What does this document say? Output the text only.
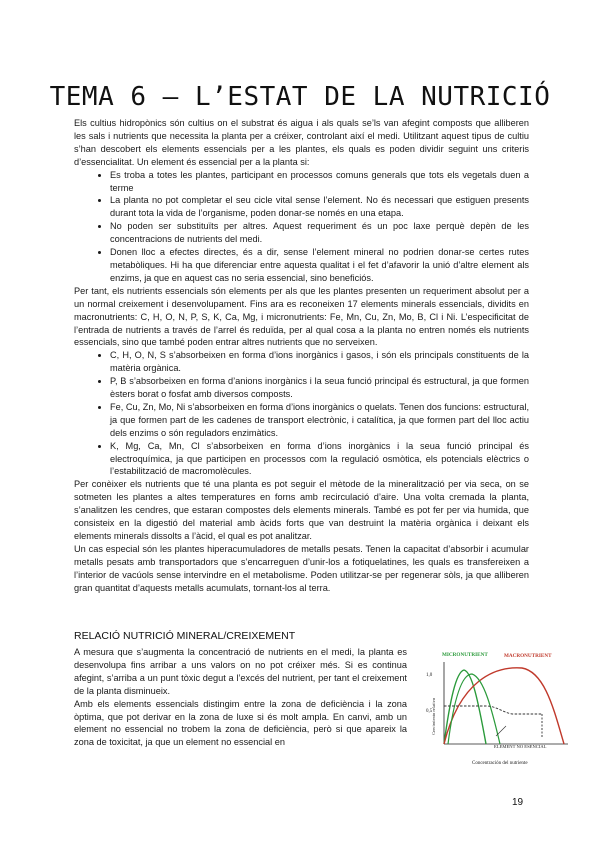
TEMA 6 – L’ESTAT DE LA NUTRICIÓ

Els cultius hidropònics són cultius on el substrat és aigua i als quals se’ls van afegint composts que alliberen les sals i nutrients que necessita la planta per a créixer, controlant així el medi. Utilitzant aquest tipus de cultiu s’han descobert els elements essencials per a les plantes, els quals es poden dividir seguint uns criteris d’essencialitat. Un element és essencial per a la planta si:

• Es troba a totes les plantes, participant en processos comuns generals que tots els vegetals duen a terme
• La planta no pot completar el seu cicle vital sense l’element. No és necessari que estiguen presents durant tota la vida de l’organisme, poden donar-se només en una etapa.
• No poden ser substituïts per altres. Aquest requeriment és un poc laxe perquè depèn de les concentracions de nutrients del medi.
• Donen lloc a efectes directes, és a dir, sense l’element mineral no podrien donar-se certes rutes metabòliques. Hi ha que diferenciar entre aquesta qualitat i el fet d’afavorir la unió d’altre element als enzims, ja que en aquest cas no seria essencial, sino beneficiós.

Per tant, els nutrients essencials són elements per als que les plantes presenten un requeriment absolut per a un normal creixement i desenvolupament. Fins ara es reconeixen 17 elements minerals essencials, dividits en macronutrients: C, H, O, N, P, S, K, Ca, Mg, i micronutrients: Fe, Mn, Cu, Zn, Mo, B, Cl i Ni. L’especificitat de l’entrada de nutrients a través de l’arrel és reduïda, per al qual cosa a la planta no entren només els nutrients essencials, sino que també poden entrar altres nutrients que no serveixen.

• C, H, O, N, S s’absorbeixen en forma d’ions inorgànics i gasos, i són els principals constituents de la matèria orgànica.
• P, B s’absorbeixen en forma d’anions inorgànics i la seua funció principal és estructural, ja que formen èsters borat o fosfat amb diversos composts.
• Fe, Cu, Zn, Mo, Ni s’absorbeixen en forma d’ions inorgànics o quelats. Tenen dos funcions: estructural, ja que formen part de les cadenes de transport electrònic, i catalítica, ja que formen part del lloc actiu dels enzims o són reguladors enzimàtics.
• K, Mg, Ca, Mn, Cl s’absorbeixen en forma d’ions inorgànics i la seua funció principal és electroquímica, ja que participen en processos com la regulació osmòtica, els potencials elèctrics o l’estabilització de macromolècules.

Per conèixer els nutrients que té una planta es pot seguir el mètode de la mineralització per via seca, on se sotmeten les plantes a altes temperatures en forns amb recirculació d’aire. Una volta cremada la planta, s’analitzen les cendres, que estaran compostes dels elements minerals. També es pot fer per via humida, que consisteix en la digestió del material amb àcids forts que van destruint la matèria orgànica i deixant els elements minerals dissolts a l’àcid, el qual es pot analitzar.

Un cas especial són les plantes hiperacumuladores de metalls pesats. Tenen la capacitat d’absorbir i acumular metalls pesats amb transportadors que s’encarreguen d’unir-los a fotiquelatines, les quals es transfereixen a l’interior de vacúols sense intervindre en el metabolisme. Poden utilitzar-se per regenerar sòls, ja que alliberen gran quantitat d’aquests metalls acumulats, tornant-los al terra.

RELACIÓ NUTRICIÓ MINERAL/CREIXEMENT

A mesura que s’augmenta la concentració de nutrients en el medi, la planta es desenvolupa fins arribar a uns valors on no pot créixer més. Si es continua afegint, s’arriba a un punt tòxic degut a l’excés del nutrient, per tant el creixement de la planta disminueix.

Amb els elements essencials distingim entre la zona de deficiència i la zona òptima, que pot derivar en la zona de luxe si és molt ampla. En canvi, amb un element no essencial no trobem la zona de deficiència, però si que apareix la zona de toxicitat, ja que un element no essencial en

1,0
0,5
Crecimiento relativo
Concentración del nutriente
MICRONUTRIENT	MACRONUTRIENT
ELEMENT NO ESENCIAL
19
